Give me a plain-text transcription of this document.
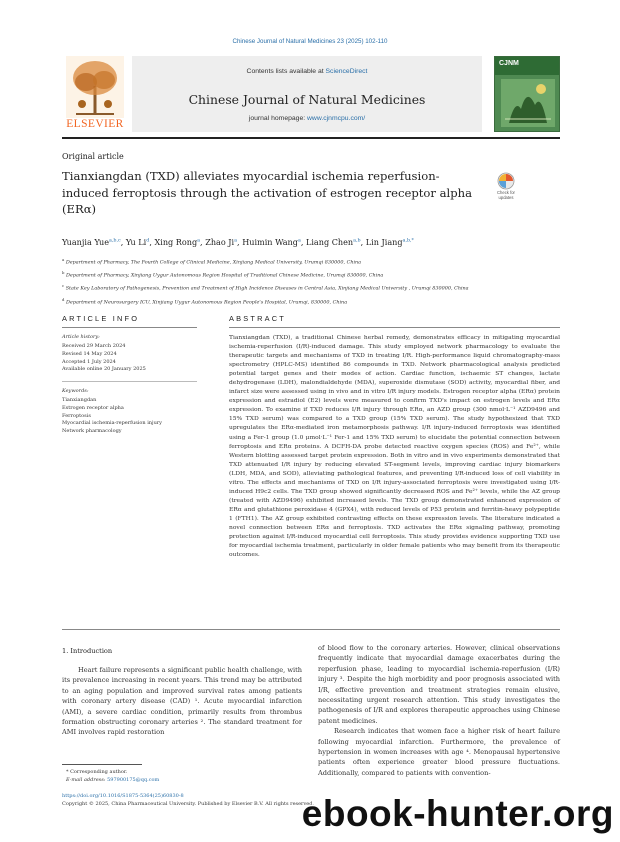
Chinese Journal of Natural Medicines 23 (2025) 102-110
ELSEVIER
Contents lists available at ScienceDirect
Chinese Journal of Natural Medicines
journal homepage: www.cjnmcpu.com/
CJNM
Original article
Tianxiangdan (TXD) alleviates myocardial ischemia reperfusion-induced ferroptosis through the activation of estrogen receptor alpha (ERα)
Check for updates
Yuanjia Yue$^{a,b,c}$, Yu Li$^d$, Xing Rong$^a$, Zhao Ji$^a$, Huimin Wang$^a$, Liang Chen$^{a,b}$, Lin Jiang$^{a,b,*}$
$^a$ Department of Pharmacy, The Fourth College of Clinical Medicine, Xinjiang Medical University, Urumqi 830000, China
$^b$ Department of Pharmacy, Xinjiang Uygur Autonomous Region Hospital of Traditional Chinese Medicine, Urumqi 830000, China
$^c$ State Key Laboratory of Pathogenesis, Prevention and Treatment of High Incidence Diseases in Central Asia, Xinjiang Medical University , Urumqi 830000, China
$^d$ Department of Neurosurgery ICU, Xinjiang Uygur Autonomous Region People's Hospital, Urumqi, 830000, China
ARTICLE INFO
Article history:
Received 29 March 2024
Revised 14 May 2024
Accepted 1 July 2024
Available online 20 January 2025
Keywords:
Tianxiangdan
Estrogen receptor alpha
Ferroptosis
Myocardial ischemia-reperfusion injury
Network pharmacology
ABSTRACT
Tianxiangdan (TXD), a traditional Chinese herbal remedy, demonstrates efficacy in mitigating myocardial ischemia-reperfusion (I/R)-induced damage. This study employed network pharmacology to evaluate the therapeutic targets and mechanisms of TXD in treating I/R. High-performance liquid chromatography-mass spectrometry (HPLC-MS) identified 86 compounds in TXD. Network pharmacological analysis predicted potential target genes and their modes of action. Cardiac function, ischaemic ST changes, lactate dehydrogenase (LDH), malondialdehyde (MDA), superoxide dismutase (SOD) activity, myocardial fiber, and infarct size were assessed using in vivo and in vitro I/R injury models. Estrogen receptor alpha (ERα) protein expression and estradiol (E2) levels were measured to confirm TXD's impact on estrogen levels and ERα expression. To examine if TXD reduces I/R injury through ERα, an AZD group (300 nmol·L⁻¹ AZD9496 and 15% TXD serum) was compared to a TXD group (15% TXD serum). The study hypothesized that TXD upregulates the ERα-mediated iron metamorphosis pathway. I/R injury-induced ferroptosis was identified using a Fer-1 group (1.0 μmol·L⁻¹ Fer-1 and 15% TXD serum) to elucidate the potential connection between ferroptosis and ERα proteins. A DCFH-DA probe detected reactive oxygen species (ROS) and Fe²⁺, while Western blotting assessed target protein expression. Both in vitro and in vivo experiments demonstrated that TXD attenuated I/R injury by reducing elevated ST-segment levels, improving cardiac injury biomarkers (LDH, MDA, and SOD), alleviating pathological features, and preventing I/R-induced loss of cell viability in vitro. The effects and mechanisms of TXD on I/R injury-associated ferroptosis were investigated using I/R-induced H9c2 cells. The TXD group showed significantly decreased ROS and Fe²⁺ levels, while the AZ group (treated with AZD9496) exhibited increased levels. The TXD group demonstrated enhanced expression of ERα and glutathione peroxidase 4 (GPX4), with reduced levels of P53 protein and ferritin-heavy polypeptide 1 (FTH1). The AZ group exhibited contrasting effects on these expression levels. The literature indicated a novel connection between ERα and ferroptosis. TXD activates the ERα signaling pathway, promoting protection against I/R-induced myocardial cell ferroptosis. This study provides evidence supporting TXD use for myocardial ischemia treatment, particularly in older female patients who may benefit from its therapeutic outcomes.
1. Introduction
Heart failure represents a significant public health challenge, with its prevalence increasing in recent years. This trend may be attributed to an aging population and improved survival rates among patients with coronary artery disease (CAD) ¹. Acute myocardial infarction (AMI), a severe cardiac condition, primarily results from thrombus formation obstructing coronary arteries ². The standard treatment for AMI involves rapid restoration
of blood flow to the coronary arteries. However, clinical observations frequently indicate that myocardial damage exacerbates during the reperfusion phase, leading to myocardial ischemia-reperfusion (I/R) injury ³. Despite the high morbidity and poor prognosis associated with I/R, effective prevention and treatment strategies remain elusive, necessitating urgent research attention. This study investigates the pathogenesis of I/R and explores therapeutic approaches using Chinese patent medicines.
Research indicates that women face a higher risk of heart failure following myocardial infarction. Furthermore, the prevalence of hypertension in women increases with age ⁴. Menopausal hypertensive patients often experience greater blood pressure fluctuations. Additionally, compared to patients with convention-
* Corresponding author.
E-mail address: 597900175@qq.com
https://doi.org/10.1016/S1875-5364(25)60830-8
Copyright © 2025, China Pharmaceutical University. Published by Elsevier B.V. All rights reserved.
ebook-hunter.org
